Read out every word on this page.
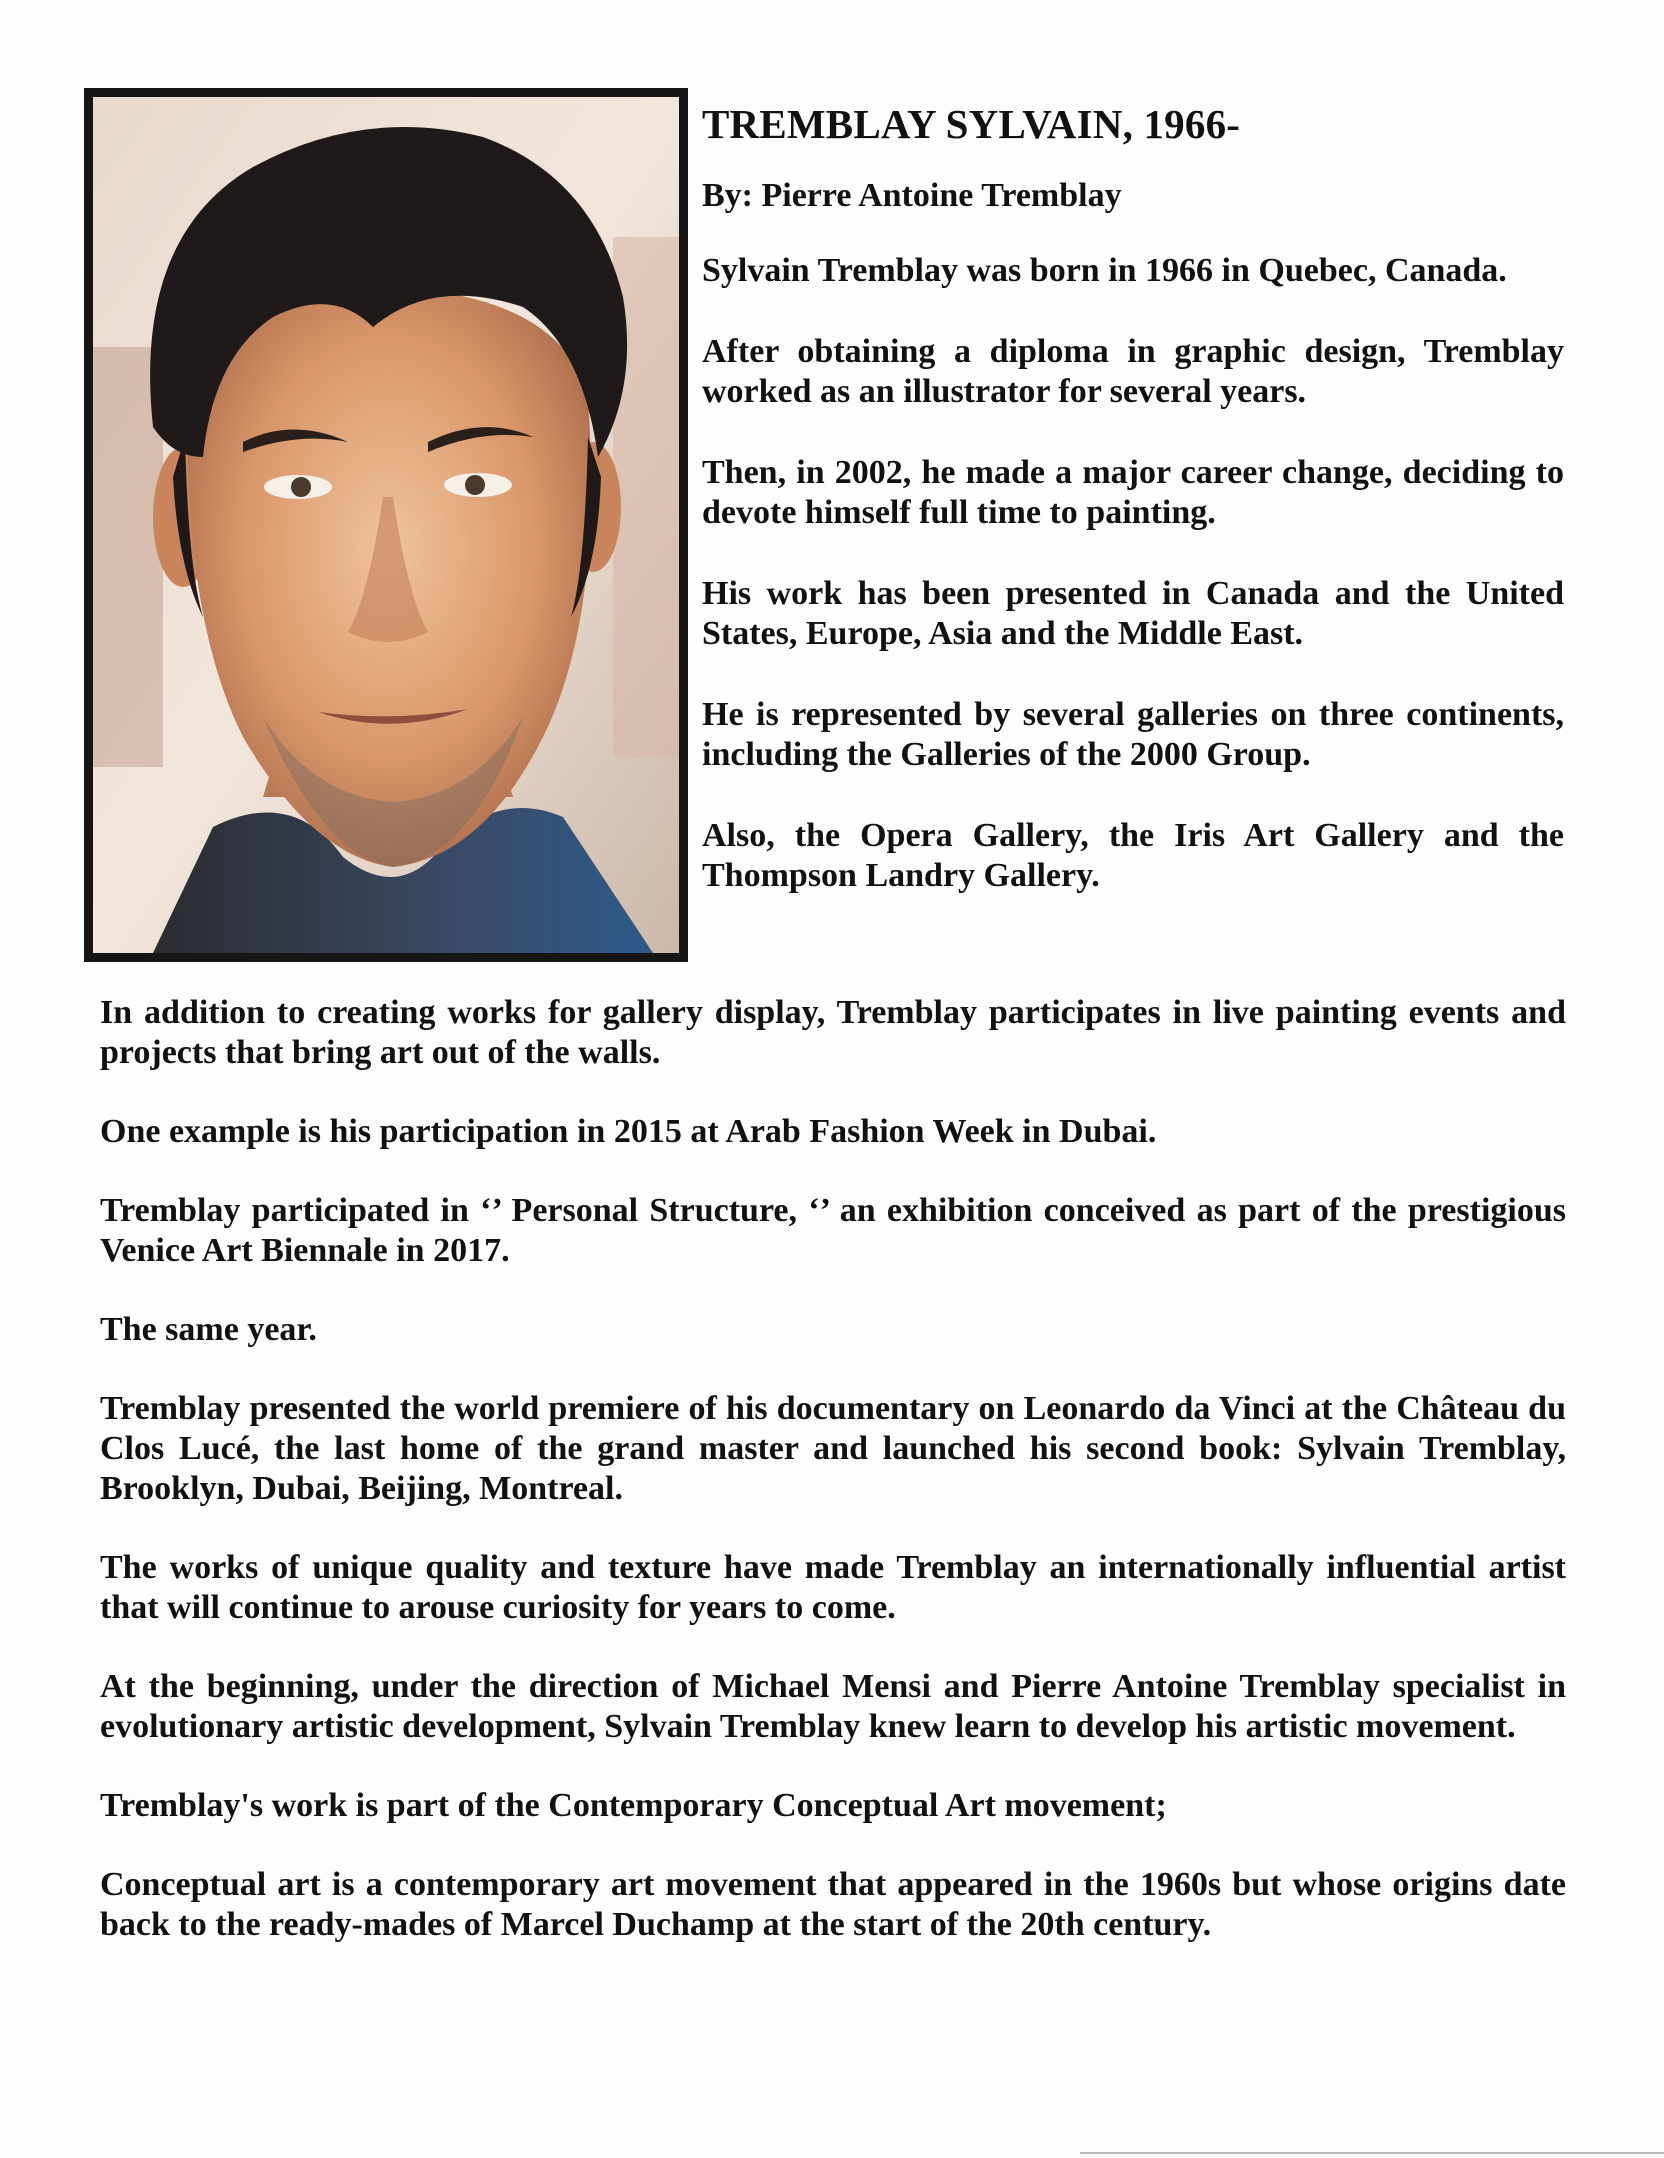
TREMBLAY SYLVAIN, 1966-

By: Pierre Antoine Tremblay

Sylvain Tremblay was born in 1966 in Quebec, Canada.

After obtaining a diploma in graphic design, Tremblay worked as an illustrator for several years.

Then, in 2002, he made a major career change, deciding to devote himself full time to painting.

His work has been presented in Canada and the United States, Europe, Asia and the Middle East.

He is represented by several galleries on three continents, including the Galleries of the 2000 Group.

Also, the Opera Gallery, the Iris Art Gallery and the Thompson Landry Gallery.

In addition to creating works for gallery display, Tremblay participates in live painting events and projects that bring art out of the walls.

One example is his participation in 2015 at Arab Fashion Week in Dubai.

Tremblay participated in ‘’ Personal Structure, ‘’ an exhibition conceived as part of the prestigious Venice Art Biennale in 2017.

The same year.

Tremblay presented the world premiere of his documentary on Leonardo da Vinci at the Château du Clos Lucé, the last home of the grand master and launched his second book: Sylvain Tremblay, Brooklyn, Dubai, Beijing, Montreal.

The works of unique quality and texture have made Tremblay an internationally influential artist that will continue to arouse curiosity for years to come.

At the beginning, under the direction of Michael Mensi and Pierre Antoine Tremblay specialist in evolutionary artistic development, Sylvain Tremblay knew learn to develop his artistic movement.

Tremblay's work is part of the Contemporary Conceptual Art movement;

Conceptual art is a contemporary art movement that appeared in the 1960s but whose origins date back to the ready-mades of Marcel Duchamp at the start of the 20th century.
